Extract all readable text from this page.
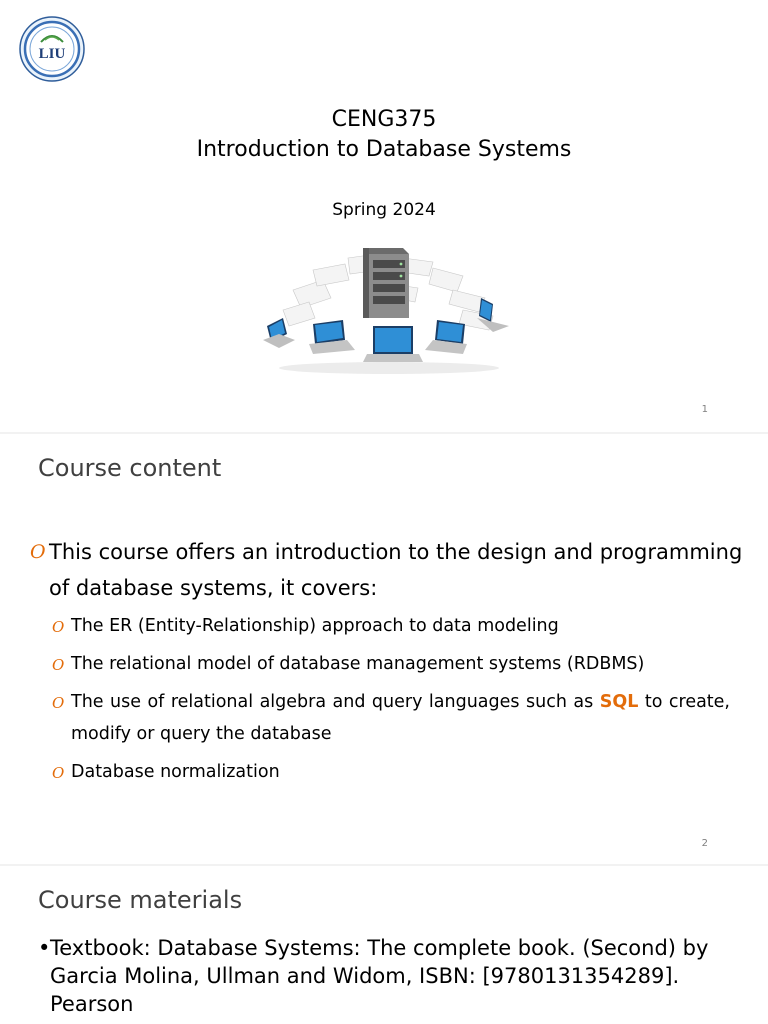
LIU
CENG375
Introduction to Database Systems
Spring 2024
1
Course content
O This course offers an introduction to the design and programming of database systems, it covers:
O The ER (Entity-Relationship) approach to data modeling
O The relational model of database management systems (RDBMS)
O The use of relational algebra and query languages such as SQL to create, modify or query the database
O Database normalization
2
Course materials
• Textbook: Database Systems: The complete book. (Second) by Garcia Molina, Ullman and Widom, ISBN: [9780131354289]. Pearson
